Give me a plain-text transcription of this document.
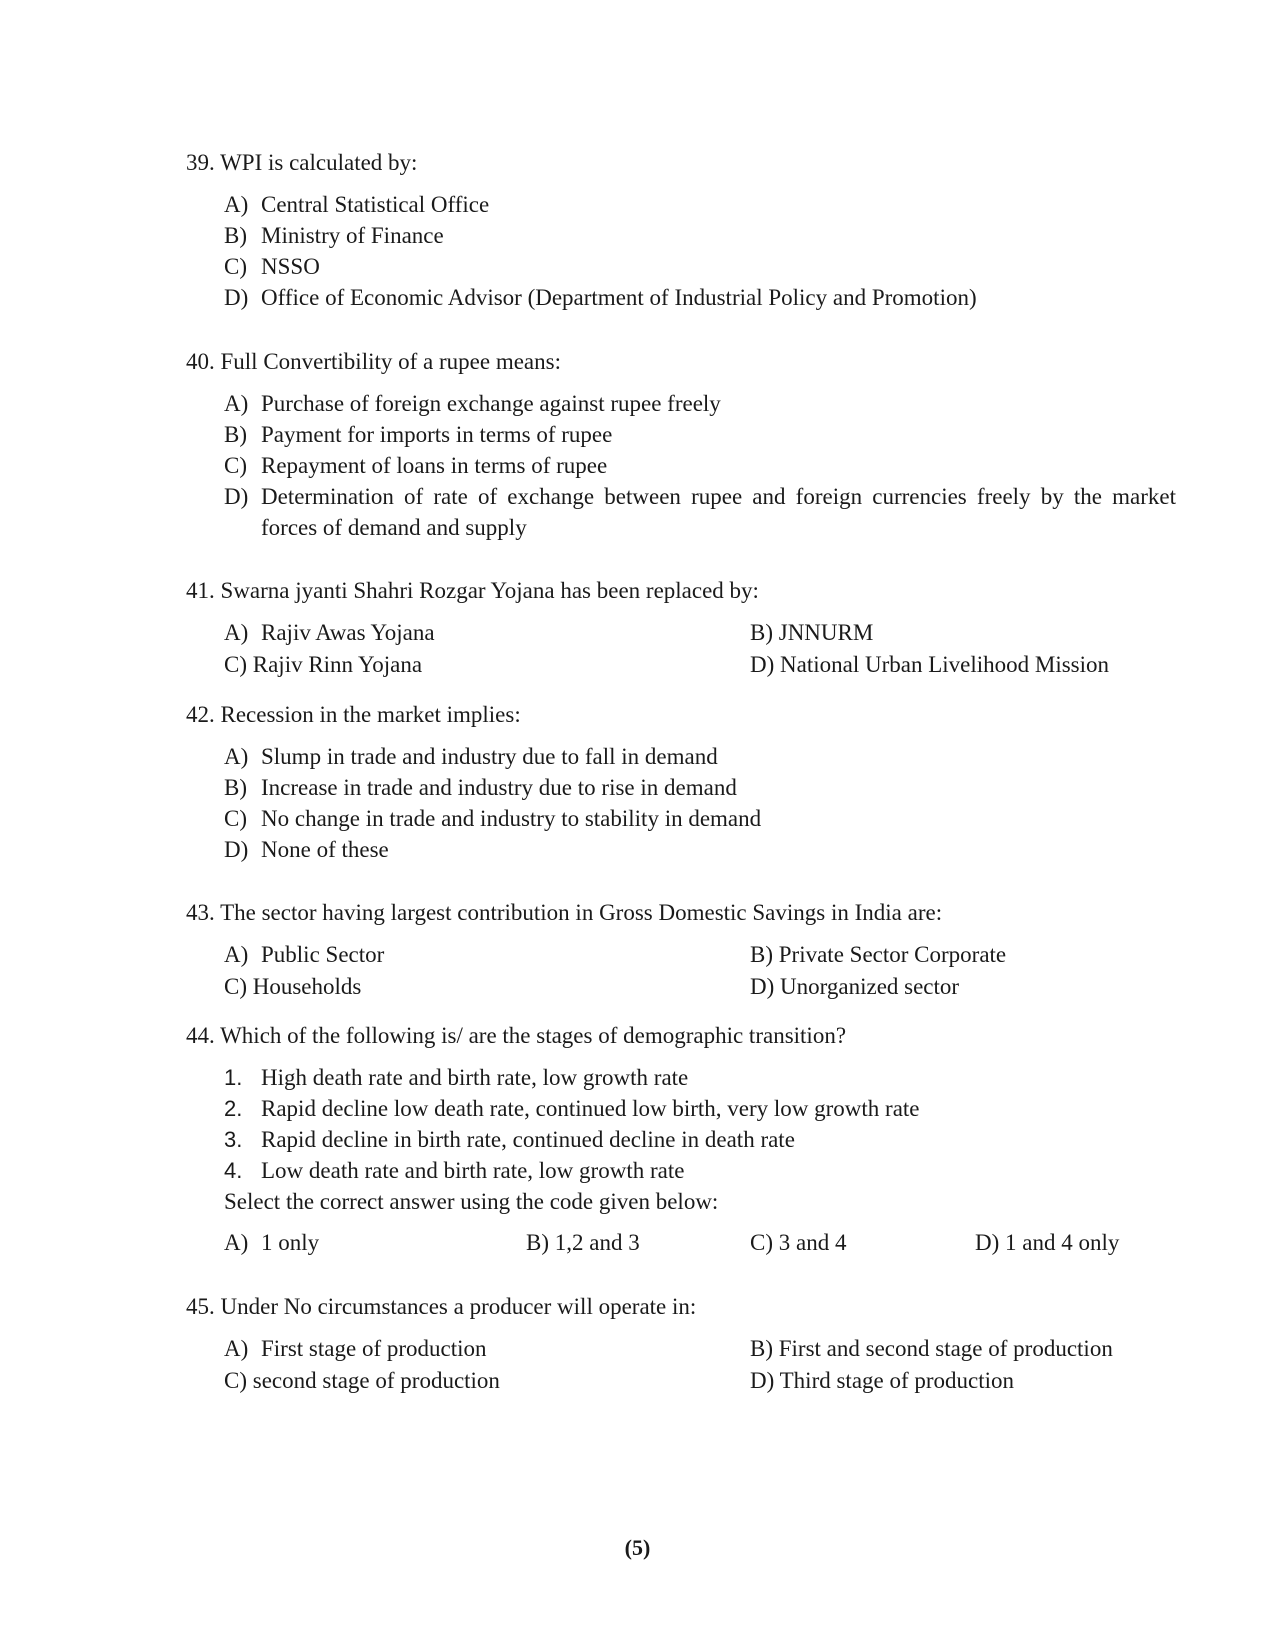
39. WPI is calculated by:
A) Central Statistical Office
B) Ministry of Finance
C) NSSO
D) Office of Economic Advisor (Department of Industrial Policy and Promotion)
40. Full Convertibility of a rupee means:
A) Purchase of foreign exchange against rupee freely
B) Payment for imports in terms of rupee
C) Repayment of loans in terms of rupee
D) Determination of rate of exchange between rupee and foreign currencies freely by the market forces of demand and supply
41. Swarna jyanti Shahri Rozgar Yojana has been replaced by:
A) Rajiv Awas Yojana	B) JNNURM
C) Rajiv Rinn Yojana	D) National Urban Livelihood Mission
42. Recession in the market implies:
A) Slump in trade and industry due to fall in demand
B) Increase in trade and industry due to rise in demand
C) No change in trade and industry to stability in demand
D) None of these
43. The sector having largest contribution in Gross Domestic Savings in India are:
A) Public Sector	B) Private Sector Corporate
C) Households	D) Unorganized sector
44. Which of the following is/ are the stages of demographic transition?
1. High death rate and birth rate, low growth rate
2. Rapid decline low death rate, continued low birth, very low growth rate
3. Rapid decline in birth rate, continued decline in death rate
4. Low death rate and birth rate, low growth rate
Select the correct answer using the code given below:
A) 1 only	B) 1,2 and 3	C) 3 and 4	D) 1 and 4 only
45. Under No circumstances a producer will operate in:
A) First stage of production	B) First and second stage of production
C) second stage of production	D) Third stage of production
(5)
